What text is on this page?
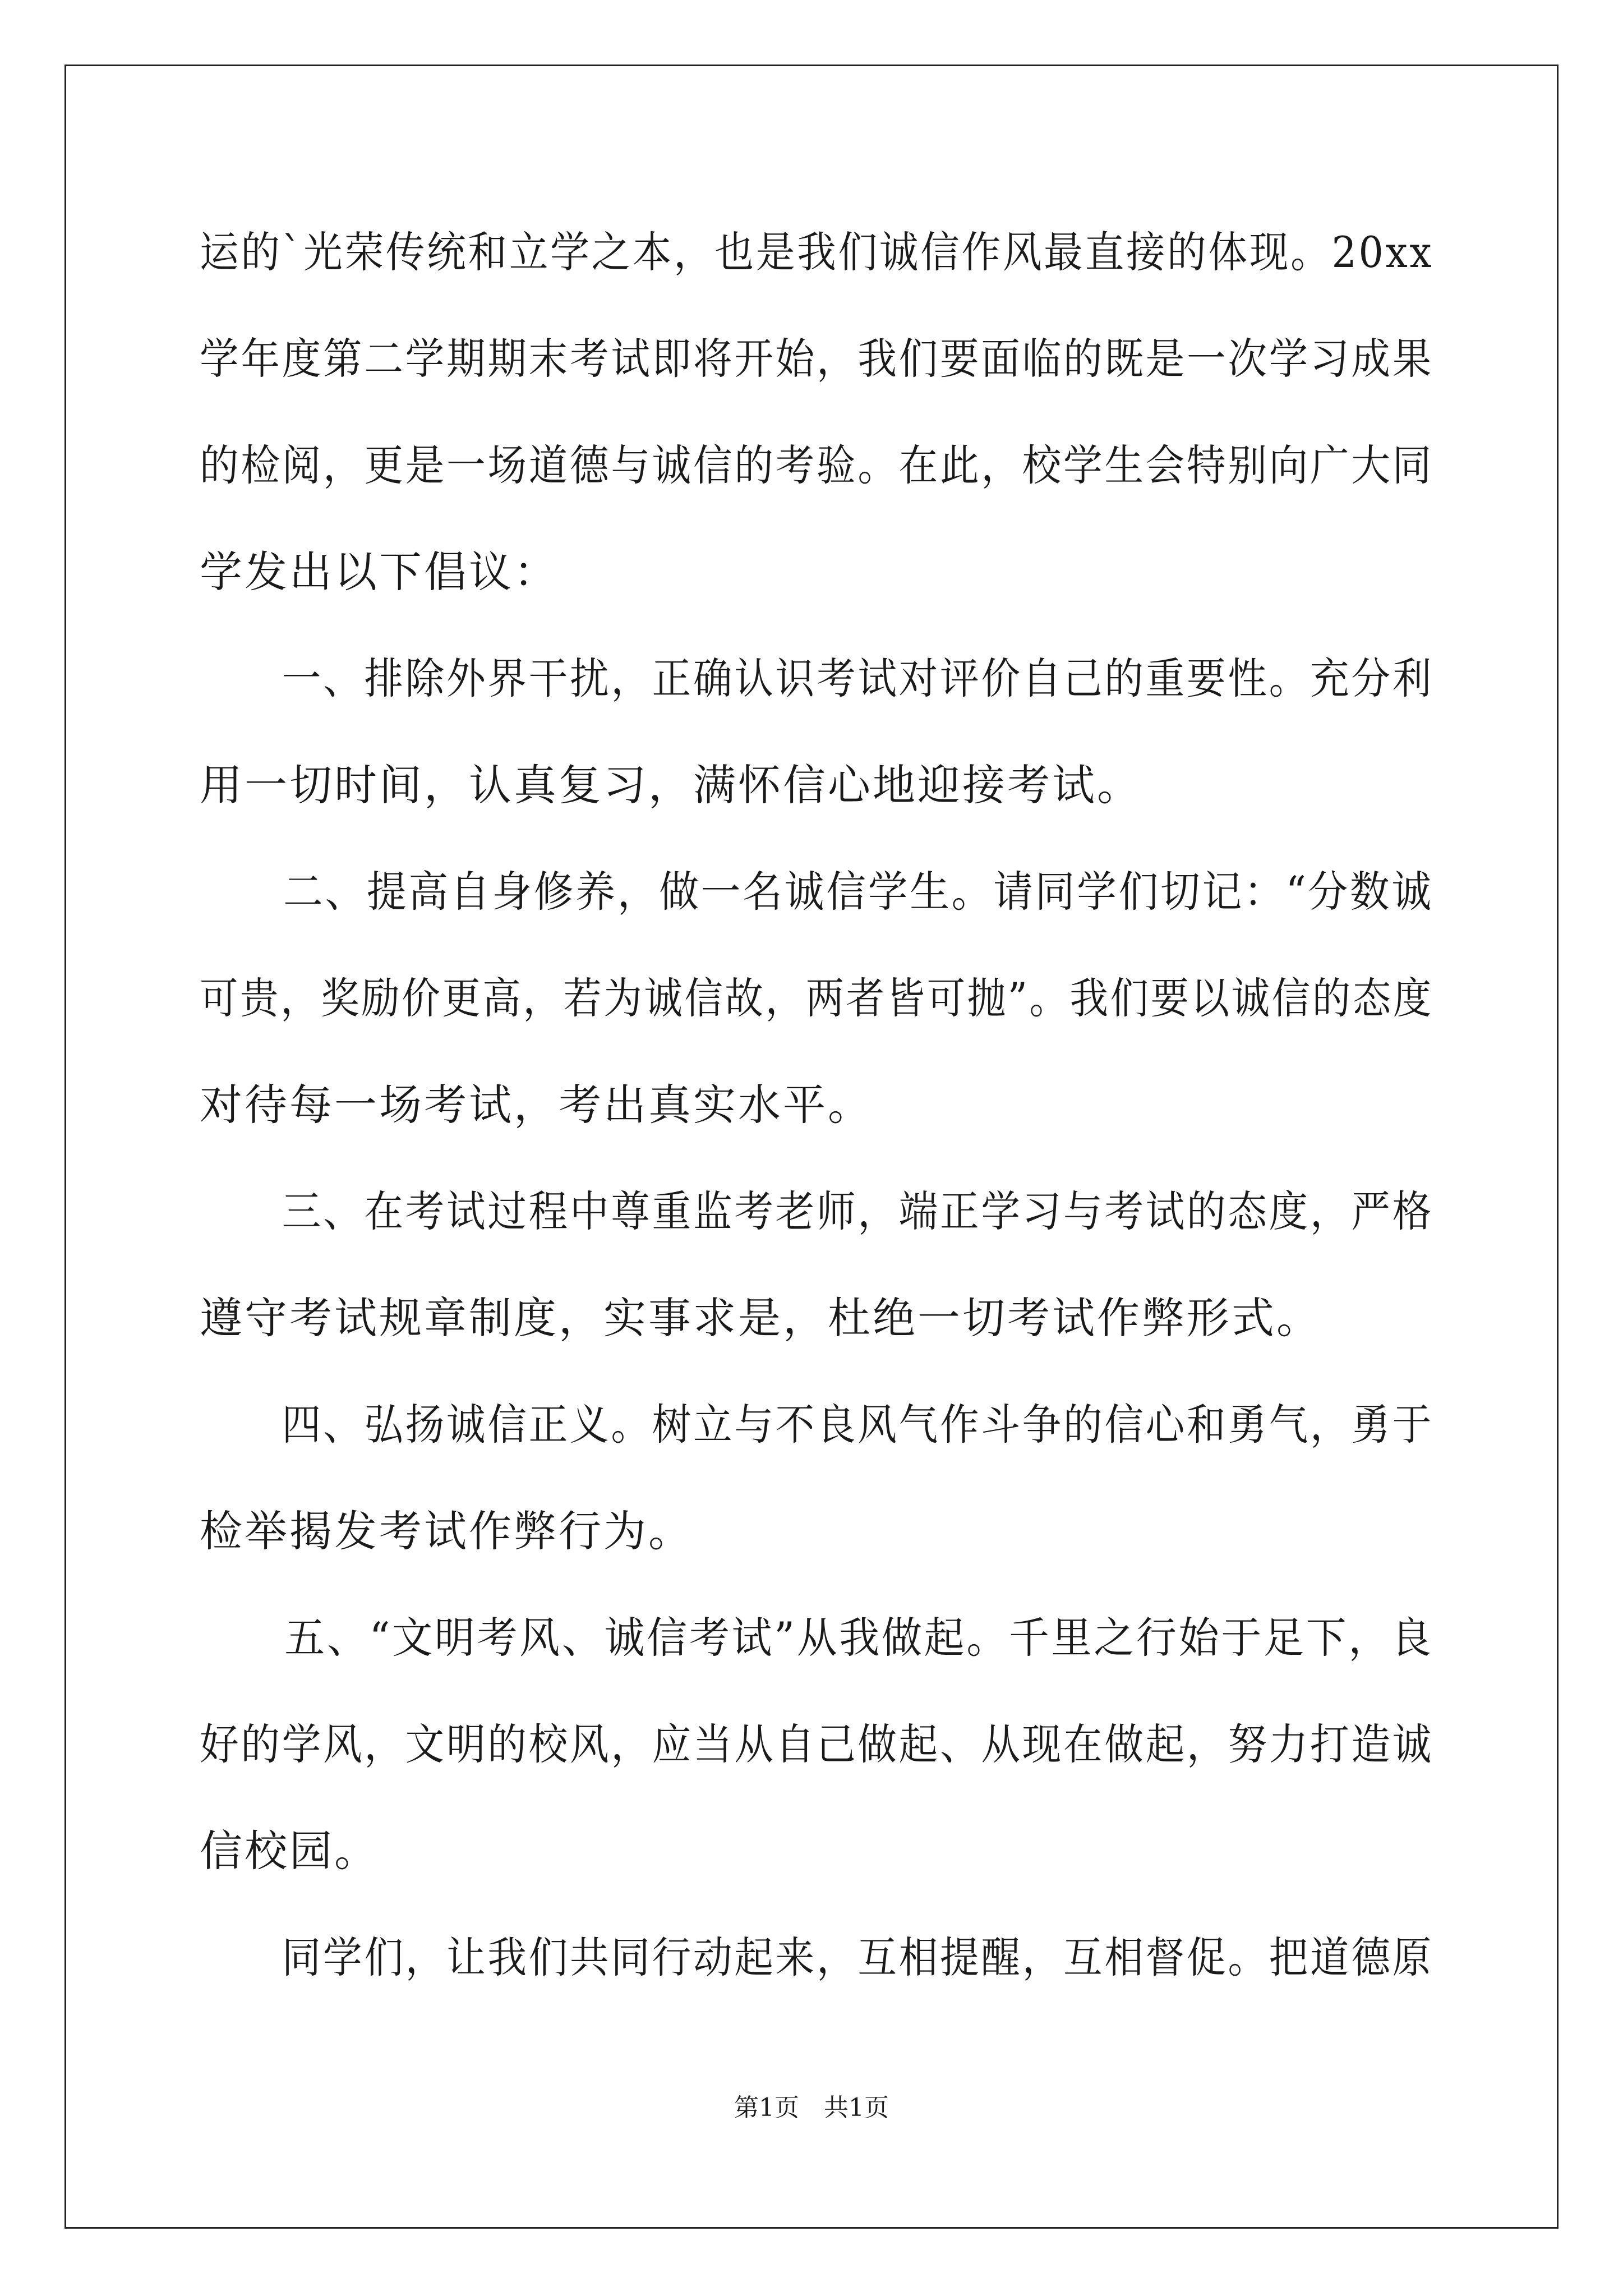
运的`光荣传统和立学之本，也是我们诚信作风最直接的体现。20xx
学年度第二学期期末考试即将开始，我们要面临的既是一次学习成果
的检阅，更是一场道德与诚信的考验。在此，校学生会特别向广大同
学发出以下倡议：
　　一、排除外界干扰，正确认识考试对评价自己的重要性。充分利
用一切时间，认真复习，满怀信心地迎接考试。
　　二、提高自身修养，做一名诚信学生。请同学们切记：“分数诚
可贵，奖励价更高，若为诚信故，两者皆可抛”。我们要以诚信的态度
对待每一场考试，考出真实水平。
　　三、在考试过程中尊重监考老师，端正学习与考试的态度，严格
遵守考试规章制度，实事求是，杜绝一切考试作弊形式。
　　四、弘扬诚信正义。树立与不良风气作斗争的信心和勇气，勇于
检举揭发考试作弊行为。
　　五、“文明考风、诚信考试”从我做起。千里之行始于足下，良
好的学风，文明的校风，应当从自己做起、从现在做起，努力打造诚
信校园。
　　同学们，让我们共同行动起来，互相提醒，互相督促。把道德原
第1页　共1页
